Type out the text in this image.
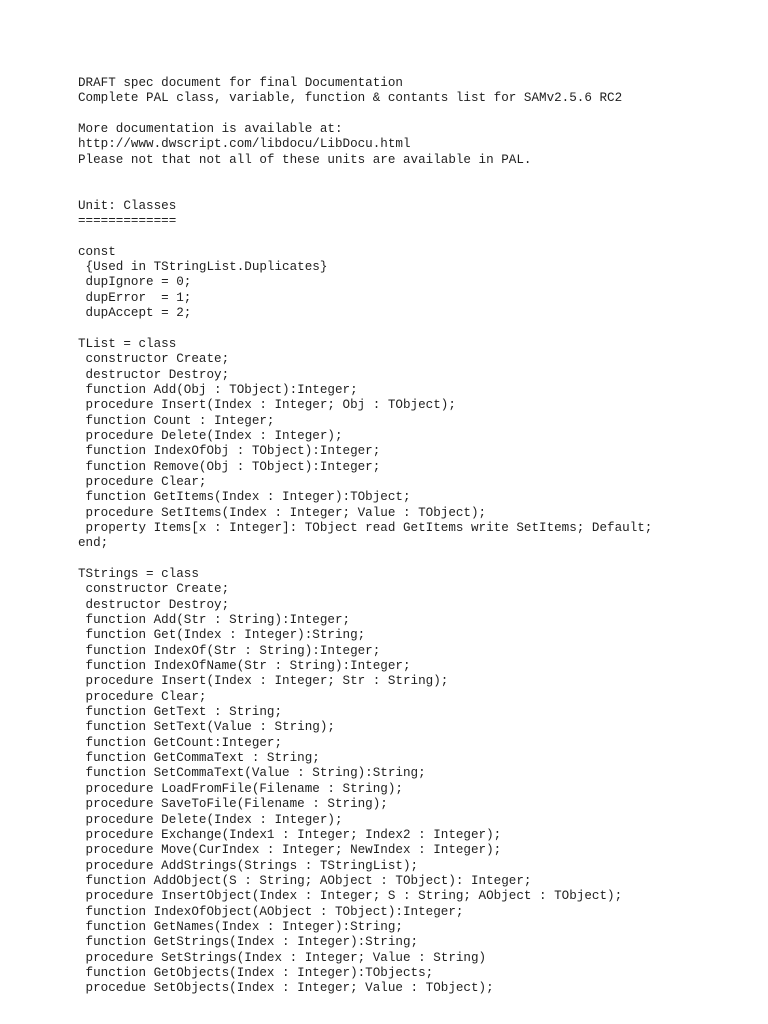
DRAFT spec document for final Documentation
Complete PAL class, variable, function & contants list for SAMv2.5.6 RC2
More documentation is available at:
http://www.dwscript.com/libdocu/LibDocu.html
Please not that not all of these units are available in PAL.
Unit: Classes
=============
const
{Used in TStringList.Duplicates}
dupIgnore = 0;
dupError  = 1;
dupAccept = 2;
TList = class
constructor Create;
destructor Destroy;
function Add(Obj : TObject):Integer;
procedure Insert(Index : Integer; Obj : TObject);
function Count : Integer;
procedure Delete(Index : Integer);
function IndexOfObj : TObject):Integer;
function Remove(Obj : TObject):Integer;
procedure Clear;
function GetItems(Index : Integer):TObject;
procedure SetItems(Index : Integer; Value : TObject);
property Items[x : Integer]: TObject read GetItems write SetItems; Default;
end;
TStrings = class
constructor Create;
destructor Destroy;
function Add(Str : String):Integer;
function Get(Index : Integer):String;
function IndexOf(Str : String):Integer;
function IndexOfName(Str : String):Integer;
procedure Insert(Index : Integer; Str : String);
procedure Clear;
function GetText : String;
function SetText(Value : String);
function GetCount:Integer;
function GetCommaText : String;
function SetCommaText(Value : String):String;
procedure LoadFromFile(Filename : String);
procedure SaveToFile(Filename : String);
procedure Delete(Index : Integer);
procedure Exchange(Index1 : Integer; Index2 : Integer);
procedure Move(CurIndex : Integer; NewIndex : Integer);
procedure AddStrings(Strings : TStringList);
function AddObject(S : String; AObject : TObject): Integer;
procedure InsertObject(Index : Integer; S : String; AObject : TObject);
function IndexOfObject(AObject : TObject):Integer;
function GetNames(Index : Integer):String;
function GetStrings(Index : Integer):String;
procedure SetStrings(Index : Integer; Value : String)
function GetObjects(Index : Integer):TObjects;
procedue SetObjects(Index : Integer; Value : TObject);
